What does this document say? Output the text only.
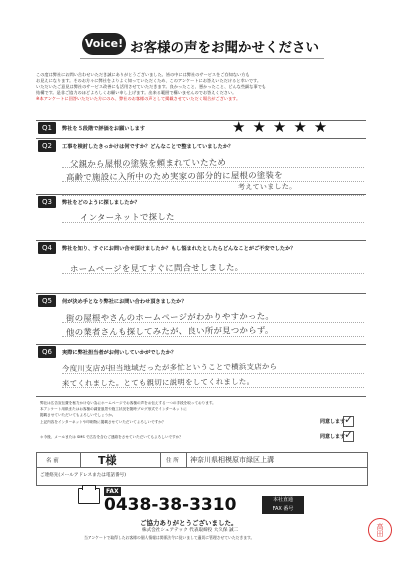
Voice! お客様の声をお聞かせください
この度は弊社にお問い合わせいただき誠にありがとうございました。皆の中には弊社のサービスをご存知ない方も
お見えになります。そのお方々に弊社をよりよく知っていただくため、このアンケートにお答えいただけると幸いです。
いただいたご意見は弊社のサービス改善にも活用させていただきます。良かったこと、悪かったこと、どんな些細な事でも
結構です。是非ご協力のほどよろしくお願い申し上げます。出来る範囲で構いませんのでお答えください。
※本アンケートに回答いただいた方にのみ、弊社のお客様の声として掲載させていただく場合がございます。
Q1	弊社を５段階で評価をお願いします	★★★★★
Q2	工事を検討したきっかけは何ですか？どんなことで整ましていましたか？
父親から屋根の塗装を頼まれていたため
高齢で施設に入所中のため実家の部分的に屋根の塗装を
考えていました。
Q3	弊社をどのように探しましたか？
インターネットで探した
Q4	弊社を知り、すぐにお問い合せ頂けましたか？もし悩まれたとしたらどんなことがご不安でしたか？
ホームページを見てすぐに問合せしました。
Q5	何が決め手となり弊社にお問い合わせ頂きましたか？
街の屋根やさんのホームページがわかりやすかった。
他の業者さんも探してみたが、良い所が見つからず。
Q6	実際に弊社担当者がお伺いしていかがでしたか？
今度川支店が担当地域だったが多忙ということで横浜支店から
来てくれました。とても親切に説明をしてくれました。
弊社は広告宣伝費を極力かけない為にホームページでお客様の声をお伝えする一つの手段を取っております。
本アンケート用紙またはお客様の調査風景や施工状況を随時ブログ形式でインターネットに
掲載させていただいてもよろしいでしょうか。
上記内容をインターネットや印刷物に掲載させていただいてよろしいですか？	同意します
✓
＊今後、メールまたは SMS で広告を含むご連絡をさせていただいてもよろしいですか？	同意します
✓
名 前	T様	住 所 神奈川県相模原市緑区上溝
ご連絡先(メールアドレスまたは電話番号)
FAX
0438-38-3310	本社直通
FAX 番号
ご協力ありがとうございました。
株式会社シェアテック 代表取締役 大久保 誠二
当アンケートで取得したお客様の個人情報は関係法令に従いまして適切に管理させていただきます。
高田
